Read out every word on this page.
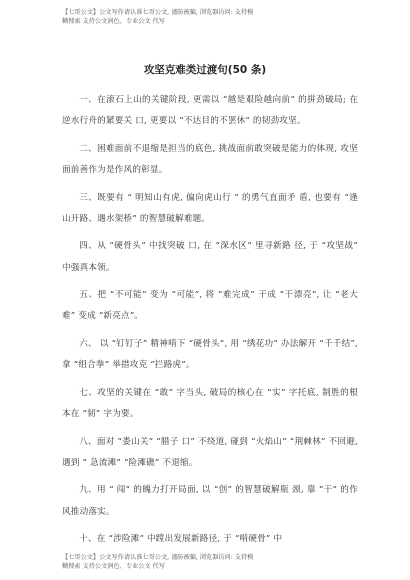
【七哥公文】公文写作请认准七哥公文, 谨防被骗, 浏览器访问: 支持模
糊搜索 支持公文润色、专业公文 代写
攻坚克难类过渡句(50 条)

一、在滚石上山的关键阶段, 更需以 “越是艰险越向前” 的拼劲破局; 在逆水行舟的紧要关 口, 更要以 “不达目的不罢休” 的韧劲攻坚。

二、困难面前不退缩是担当的底色, 挑战面前敢突破是能力的体现, 攻坚面前善作为是作风的彰显。

三、既要有 “ 明知山有虎, 偏向虎山行 ” 的勇气直面矛 盾, 也要有 “逢山开路、遇水架桥” 的智慧破解难题。

四、从 “硬骨头” 中找突破 口, 在 “深水区” 里寻新路 径, 于 “攻坚战” 中强真本领。

五、把 “不可能” 变为 “可能”, 将 “难完成” 干成 “干漂亮”, 让 “老大难” 变成 “新亮点”。

六、 以 “钉钉子” 精神啃下 “硬骨头”, 用 “绣花功” 办法解开 “千千结”, 拿 “组合拳” 举措攻克 “拦路虎”。

七、攻坚的关键在 “敢” 字当头, 破局的核心在 “实” 字托底, 制胜的根本在 “韧” 字为要。

八、面对 “娄山关” “腊子 口” 不绕道, 碰到 “火焰山” “荆棘林” 不回避, 遇到 “ 急流滩” “险滩礁” 不退缩。

九、用 “ 闯” 的魄力打开局面, 以 “创” 的智慧破解瓶 颈, 靠 “干” 的作风推动落实。

十、在 “涉险滩” 中蹚出发展新路径, 于 “啃硬骨” 中

【七哥公文】公文写作请认准七哥公文, 谨防被骗, 浏览器访问: 支持模
糊搜索 支持公文润色、专业公文 代写
